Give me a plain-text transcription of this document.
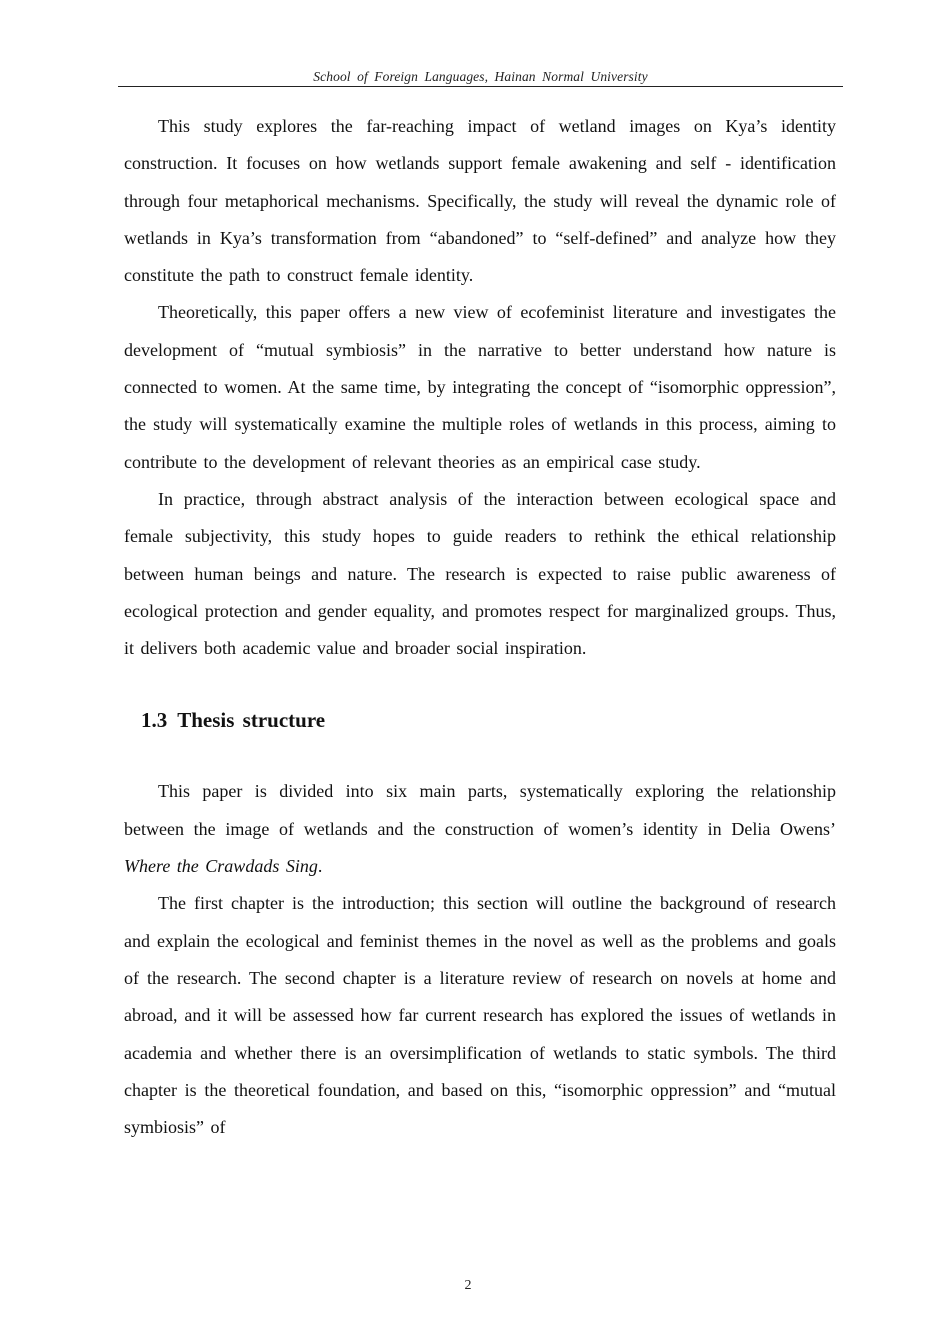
School of Foreign Languages, Hainan Normal University

This study explores the far-reaching impact of wetland images on Kya’s identity construction. It focuses on how wetlands support female awakening and self - identification through four metaphorical mechanisms. Specifically, the study will reveal the dynamic role of wetlands in Kya’s transformation from “abandoned” to “self-defined” and analyze how they constitute the path to construct female identity.

Theoretically, this paper offers a new view of ecofeminist literature and investigates the development of “mutual symbiosis” in the narrative to better understand how nature is connected to women. At the same time, by integrating the concept of “isomorphic oppression”, the study will systematically examine the multiple roles of wetlands in this process, aiming to contribute to the development of relevant theories as an empirical case study.

In practice, through abstract analysis of the interaction between ecological space and female subjectivity, this study hopes to guide readers to rethink the ethical relationship between human beings and nature. The research is expected to raise public awareness of ecological protection and gender equality, and promotes respect for marginalized groups. Thus, it delivers both academic value and broader social inspiration.

1.3 Thesis structure

This paper is divided into six main parts, systematically exploring the relationship between the image of wetlands and the construction of women’s identity in Delia Owens’ Where the Crawdads Sing.

The first chapter is the introduction; this section will outline the background of research and explain the ecological and feminist themes in the novel as well as the problems and goals of the research. The second chapter is a literature review of research on novels at home and abroad, and it will be assessed how far current research has explored the issues of wetlands in academia and whether there is an oversimplification of wetlands to static symbols. The third chapter is the theoretical foundation, and based on this, “isomorphic oppression” and “mutual symbiosis” of

2
